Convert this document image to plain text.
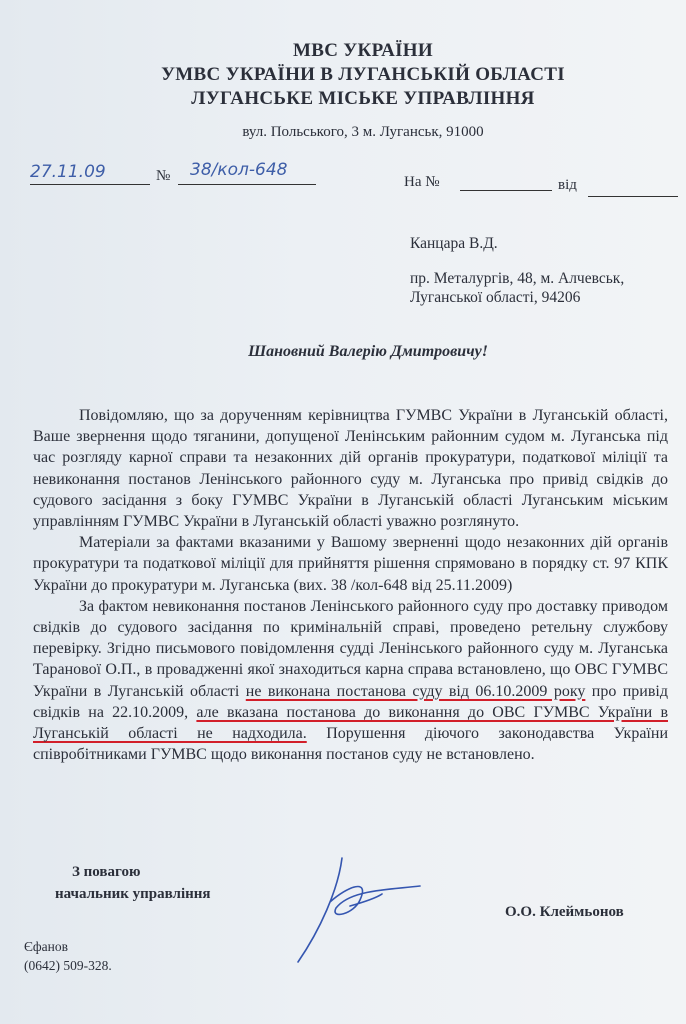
МВС УКРАЇНИ
УМВС УКРАЇНИ В ЛУГАНСЬКІЙ ОБЛАСТІ
ЛУГАНСЬКЕ МІСЬКЕ УПРАВЛІННЯ
вул. Польського, 3 м. Луганськ, 91000
27.11.09	№ 38/кол-648
На №	від
Канцара В.Д.
пр. Металургів, 48, м. Алчевськ,
Луганської області, 94206
Шановний Валерію Дмитровичу!

Повідомляю, що за дорученням керівництва ГУМВС України в Луганській області, Ваше звернення щодо тяганини, допущеної Ленінським районним судом м. Луганська під час розгляду карної справи та незаконних дій органів прокуратури, податкової міліції та невиконання постанов Ленінського районного суду м. Луганська про привід свідків до судового засідання з боку ГУМВС України в Луганській області Луганським міським управлінням ГУМВС України в Луганській області уважно розглянуто.

Матеріали за фактами вказаними у Вашому зверненні щодо незаконних дій органів прокуратури та податкової міліції для прийняття рішення спрямовано в порядку ст. 97 КПК України до прокуратури м. Луганська (вих. 38 /кол-648 від 25.11.2009)

За фактом невиконання постанов Ленінського районного суду про доставку приводом свідків до судового засідання по кримінальній справі, проведено ретельну службову перевірку. Згідно письмового повідомлення судді Ленінського районного суду м. Луганська Таранової О.П., в провадженні якої знаходиться карна справа встановлено, що ОВС ГУМВС України в Луганській області не виконана постанова суду від 06.10.2009 року про привід свідків на 22.10.2009, але вказана постанова до виконання до ОВС ГУМВС України в Луганській області не надходила. Порушення діючого законодавства України співробітниками ГУМВС щодо виконання постанов суду не встановлено.

З повагою
начальник управління
О.О. Клеймьонов
Єфанов
(0642) 509-328.
